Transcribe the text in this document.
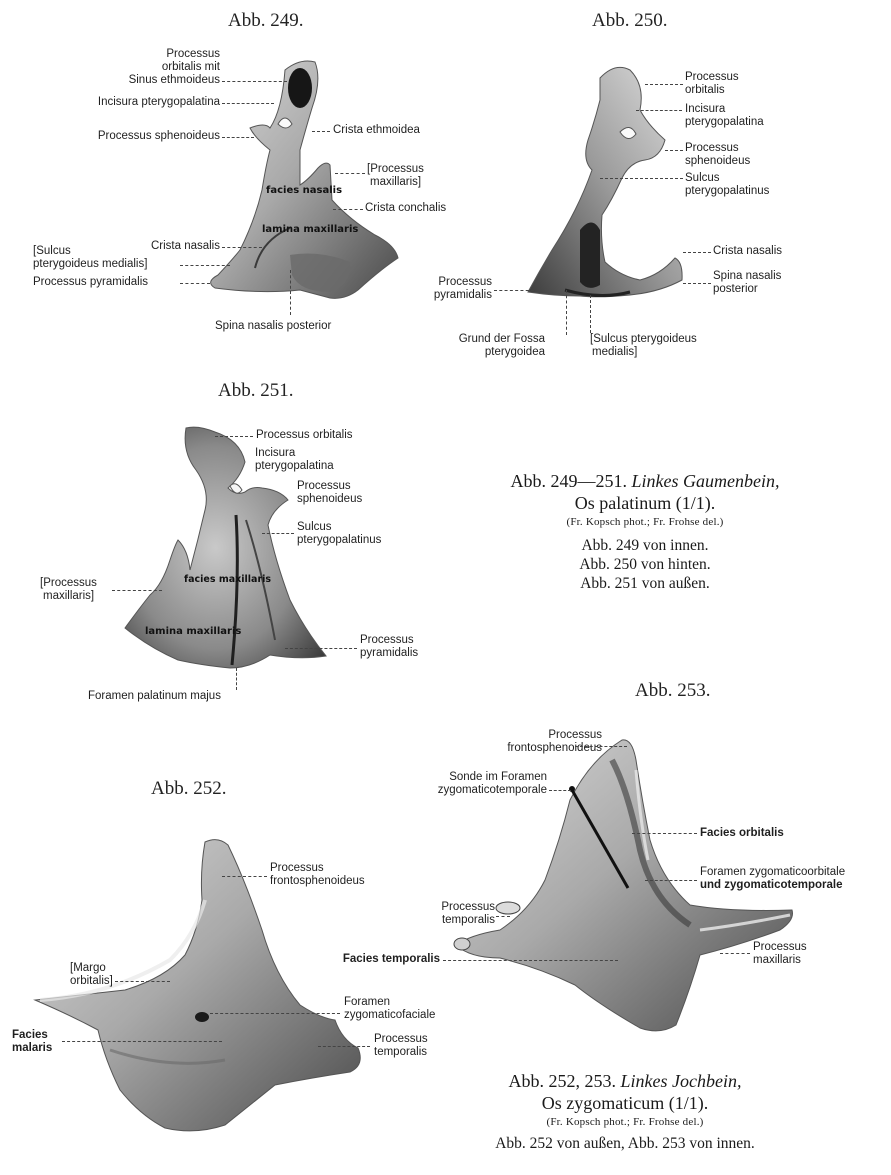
Abb. 249.
facies nasalis
lamina maxillaris
Processus
orbitalis mit
Sinus ethmoideus
Incisura pterygopalatina
Processus sphenoideus	Crista ethmoidea
[Processus
maxillaris]
Crista conchalis
Crista nasalis
[Sulcus
pterygoideus medialis]
Processus pyramidalis
Spina nasalis posterior
Abb. 250.
Processus
orbitalis
Incisura
pterygopalatina
Processus
sphenoideus
Sulcus
pterygopalatinus
Crista nasalis
Spina nasalis
posterior
Processus
pyramidalis
Grund der Fossa
pterygoidea
[Sulcus pterygoideus
medialis]
Abb. 251.
facies maxillaris
lamina maxillaris
Processus orbitalis
Incisura
pterygopalatina
Processus
sphenoideus
Sulcus
pterygopalatinus
[Processus
maxillaris]
Processus
pyramidalis
Foramen palatinum majus
Abb. 249—251. Linkes Gaumenbein,
Os palatinum (1/1).
(Fr. Kopsch phot.; Fr. Frohse del.)
Abb. 249 von innen.
Abb. 250 von hinten.
Abb. 251 von außen.
Abb. 253.
Processus
frontosphenoideus
Sonde im Foramen
zygomaticotemporale
Facies orbitalis
Foramen zygomaticoorbitale
und zygomaticotemporale
Processus
temporalis
Facies temporalis
Processus
maxillaris
Abb. 252.
Processus
frontosphenoideus
[Margo
orbitalis]
Foramen
zygomaticofaciale
Facies
malaris
Processus
temporalis
Abb. 252, 253. Linkes Jochbein,
Os zygomaticum (1/1).
(Fr. Kopsch phot.; Fr. Frohse del.)
Abb. 252 von außen, Abb. 253 von innen.
